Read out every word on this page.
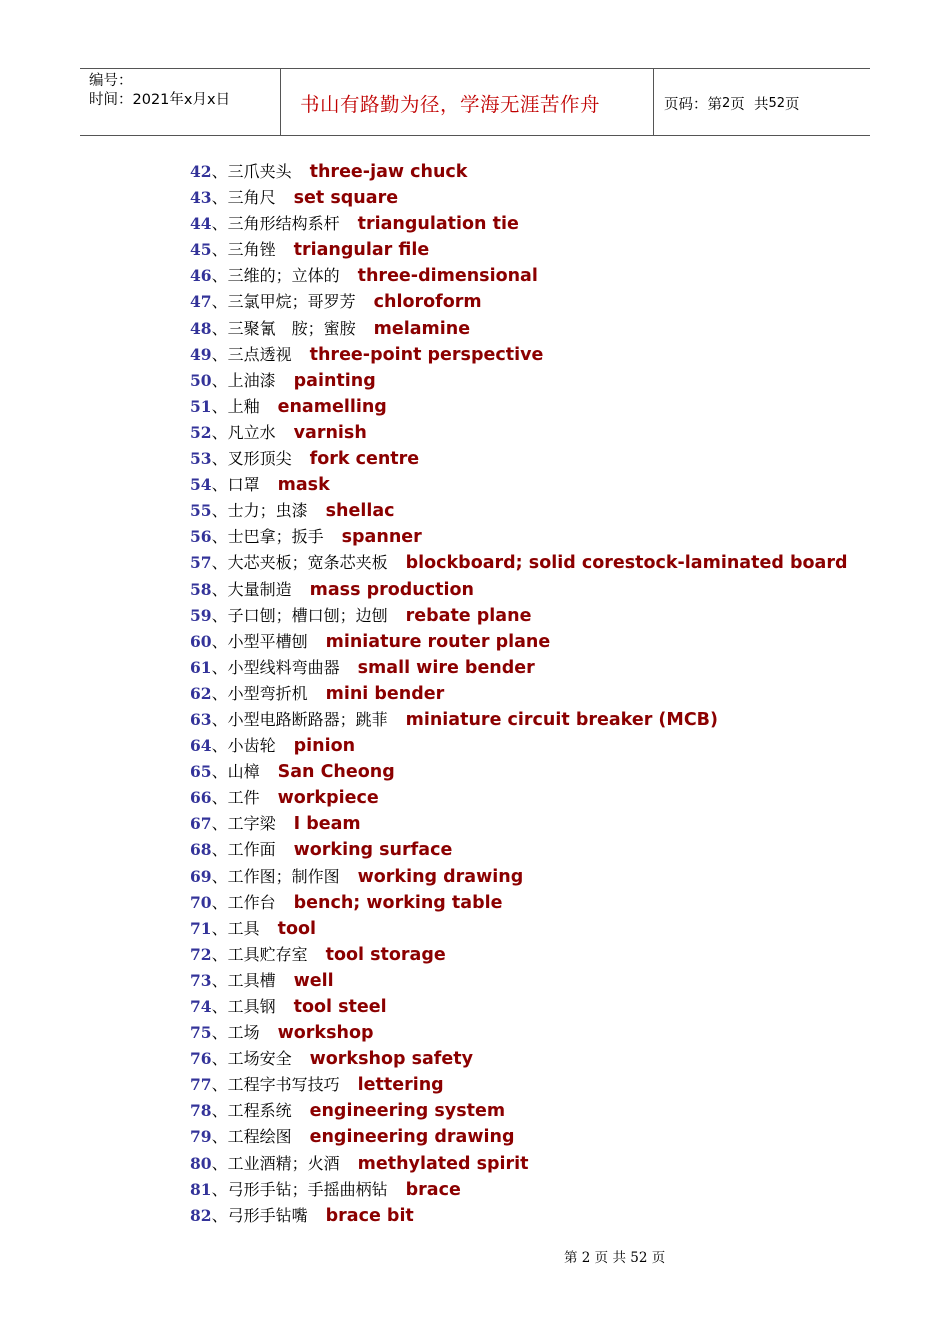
编号：
时间：2021年x月x日	书山有路勤为径，学海无涯苦作舟	页码：第 2 页  共 52 页
42、三爪夹头 three-jaw chuck
43、三角尺 set square
44、三角形结构系杆 triangulation tie
45、三角锉 triangular file
46、三维的；立体的 three-dimensional
47、三氯甲烷；哥罗芳 chloroform
48、三聚氰　胺；蜜胺 melamine
49、三点透视 three-point perspective
50、上油漆 painting
51、上釉 enamelling
52、凡立水 varnish
53、叉形顶尖 fork centre
54、口罩 mask
55、士力；虫漆 shellac
56、士巴拿；扳手 spanner
57、大芯夹板；宽条芯夹板 blockboard; solid corestock-laminated board
58、大量制造 mass production
59、子口刨；槽口刨；边刨 rebate plane
60、小型平槽刨 miniature router plane
61、小型线料弯曲器 small wire bender
62、小型弯折机 mini bender
63、小型电路断路器；跳菲 miniature circuit breaker (MCB)
64、小齿轮 pinion
65、山樟 San Cheong
66、工件 workpiece
67、工字梁 I beam
68、工作面 working surface
69、工作图；制作图 working drawing
70、工作台 bench; working table
71、工具 tool
72、工具贮存室 tool storage
73、工具槽 well
74、工具钢 tool steel
75、工场 workshop
76、工场安全 workshop safety
77、工程字书写技巧 lettering
78、工程系统 engineering system
79、工程绘图 engineering drawing
80、工业酒精；火酒 methylated spirit
81、弓形手钻；手摇曲柄钻 brace
82、弓形手钻嘴 brace bit
第 2 页 共 52 页
